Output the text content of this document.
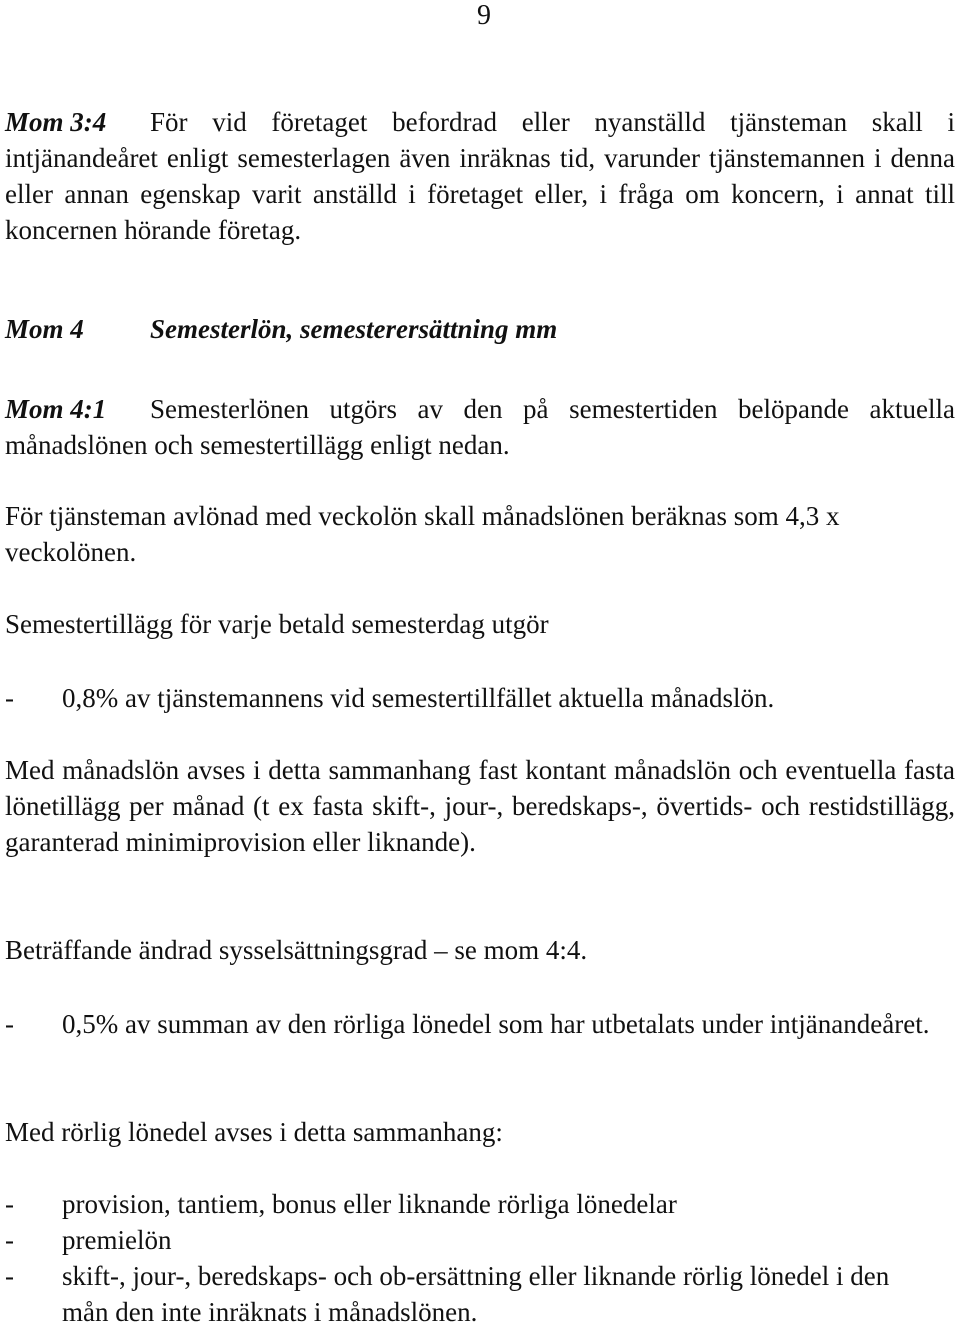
9
Mom 3:4 För vid företaget befordrad eller nyanställd tjänsteman skall i intjänandeåret enligt semesterlagen även inräknas tid, varunder tjänstemannen i denna eller annan egenskap varit anställd i företaget eller, i fråga om koncern, i annat till koncernen hörande företag.
Mom 4 Semesterlön, semesterersättning mm
Mom 4:1 Semesterlönen utgörs av den på semestertiden belöpande aktuella månadslönen och semestertillägg enligt nedan.
För tjänsteman avlönad med veckolön skall månadslönen beräknas som 4,3 x veckolönen.
Semestertillägg för varje betald semesterdag utgör
- 0,8% av tjänstemannens vid semestertillfället aktuella månadslön.
Med månadslön avses i detta sammanhang fast kontant månadslön och eventuella fasta lönetillägg per månad (t ex fasta skift-, jour-, beredskaps-, övertids- och restidstillägg, garanterad minimiprovision eller liknande).
Beträffande ändrad sysselsättningsgrad – se mom 4:4.
- 0,5% av summan av den rörliga lönedel som har utbetalats under intjänandeåret.
Med rörlig lönedel avses i detta sammanhang:
- provision, tantiem, bonus eller liknande rörliga lönedelar
- premielön
- skift-, jour-, beredskaps- och ob-ersättning eller liknande rörlig lönedel i den mån den inte inräknats i månadslönen.
